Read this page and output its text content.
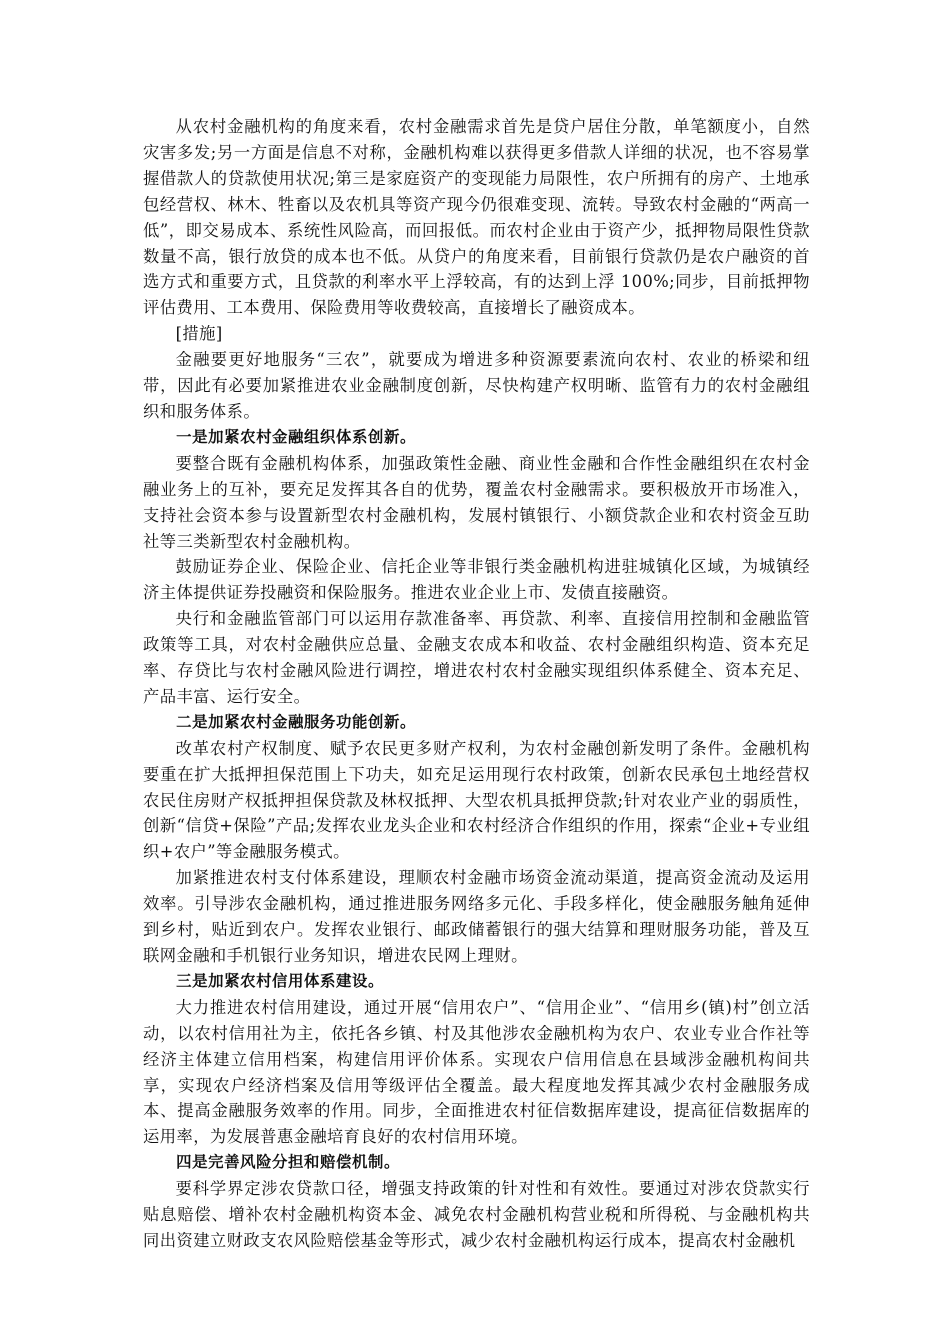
从农村金融机构的角度来看，农村金融需求首先是贷户居住分散，单笔额度小，自然灾害多发;另一方面是信息不对称，金融机构难以获得更多借款人详细的状况，也不容易掌握借款人的贷款使用状况;第三是家庭资产的变现能力局限性，农户所拥有的房产、土地承包经营权、林木、牲畜以及农机具等资产现今仍很难变现、流转。导致农村金融的“两高一低”，即交易成本、系统性风险高，而回报低。而农村企业由于资产少，抵押物局限性贷款数量不高，银行放贷的成本也不低。从贷户的角度来看，目前银行贷款仍是农户融资的首选方式和重要方式，且贷款的利率水平上浮较高，有的达到上浮 100%;同步，目前抵押物评估费用、工本费用、保险费用等收费较高，直接增长了融资成本。

[措施]

金融要更好地服务“三农”，就要成为增进多种资源要素流向农村、农业的桥梁和纽带，因此有必要加紧推进农业金融制度创新，尽快构建产权明晰、监管有力的农村金融组织和服务体系。

一是加紧农村金融组织体系创新。

要整合既有金融机构体系，加强政策性金融、商业性金融和合作性金融组织在农村金融业务上的互补，要充足发挥其各自的优势，覆盖农村金融需求。要积极放开市场准入，支持社会资本参与设置新型农村金融机构，发展村镇银行、小额贷款企业和农村资金互助社等三类新型农村金融机构。

鼓励证券企业、保险企业、信托企业等非银行类金融机构进驻城镇化区域，为城镇经济主体提供证券投融资和保险服务。推进农业企业上市、发债直接融资。

央行和金融监管部门可以运用存款准备率、再贷款、利率、直接信用控制和金融监管政策等工具，对农村金融供应总量、金融支农成本和收益、农村金融组织构造、资本充足率、存贷比与农村金融风险进行调控，增进农村农村金融实现组织体系健全、资本充足、产品丰富、运行安全。

二是加紧农村金融服务功能创新。

改革农村产权制度、赋予农民更多财产权利，为农村金融创新发明了条件。金融机构要重在扩大抵押担保范围上下功夫，如充足运用现行农村政策，创新农民承包土地经营权农民住房财产权抵押担保贷款及林权抵押、大型农机具抵押贷款;针对农业产业的弱质性，创新“信贷+保险”产品;发挥农业龙头企业和农村经济合作组织的作用，探索“企业+专业组织+农户”等金融服务模式。

加紧推进农村支付体系建设，理顺农村金融市场资金流动渠道，提高资金流动及运用效率。引导涉农金融机构，通过推进服务网络多元化、手段多样化，使金融服务触角延伸到乡村，贴近到农户。发挥农业银行、邮政储蓄银行的强大结算和理财服务功能，普及互联网金融和手机银行业务知识，增进农民网上理财。

三是加紧农村信用体系建设。

大力推进农村信用建设，通过开展“信用农户”、“信用企业”、“信用乡(镇)村”创立活动，以农村信用社为主，依托各乡镇、村及其他涉农金融机构为农户、农业专业合作社等经济主体建立信用档案，构建信用评价体系。实现农户信用信息在县域涉金融机构间共享，实现农户经济档案及信用等级评估全覆盖。最大程度地发挥其减少农村金融服务成本、提高金融服务效率的作用。同步，全面推进农村征信数据库建设，提高征信数据库的运用率，为发展普惠金融培育良好的农村信用环境。

四是完善风险分担和赔偿机制。

要科学界定涉农贷款口径，增强支持政策的针对性和有效性。要通过对涉农贷款实行贴息赔偿、增补农村金融机构资本金、减免农村金融机构营业税和所得税、与金融机构共同出资建立财政支农风险赔偿基金等形式，减少农村金融机构运行成本，提高农村金融机
